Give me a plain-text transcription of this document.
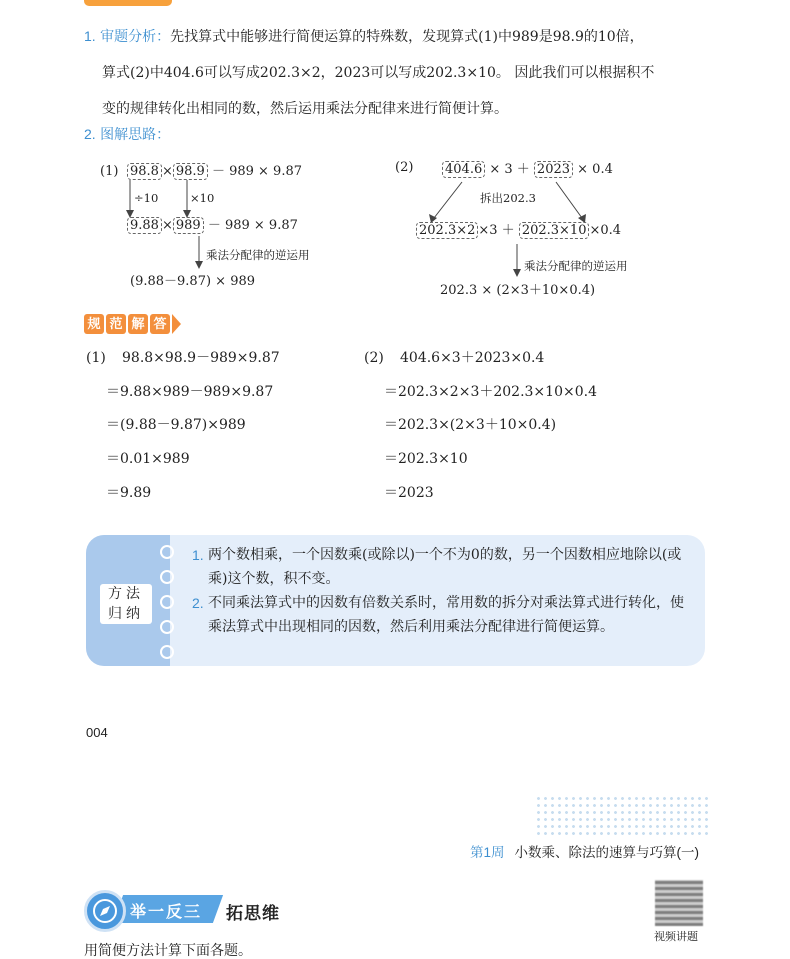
1. 审题分析：先找算式中能够进行简便运算的特殊数，发现算式(1)中989是98.9的10倍，
算式(2)中404.6可以写成202.3×2，2023可以写成202.3×10。 因此我们可以根据积不
变的规律转化出相同的数，然后运用乘法分配律来进行简便计算。
2. 图解思路：
(1) 98.8 × 98.9 － 989 × 9.87
÷10	×10
9.88 × 989 － 989 × 9.87
乘法分配律的逆运用
(9.88－9.87) × 989
(2) 404.6 × 3 ＋ 2023 × 0.4
拆出202.3
202.3×2 ×3 ＋ 202.3×10 ×0.4
乘法分配律的逆运用
202.3 × (2×3＋10×0.4)
规 范 解 答
(1)	98.8×98.9－989×9.87
＝9.88×989－989×9.87
＝(9.88－9.87)×989
＝0.01×989
＝9.89
(2)	404.6×3＋2023×0.4
＝202.3×2×3＋202.3×10×0.4
＝202.3×(2×3＋10×0.4)
＝202.3×10
＝2023
方法
归纳
1. 两个数相乘，一个因数乘(或除以)一个不为0的数，另一个因数相应地除以(或乘)这个数，积不变。
2. 不同乘法算式中的因数有倍数关系时，常用数的拆分对乘法算式进行转化，使乘法算式中出现相同的因数，然后利用乘法分配律进行简便运算。
004
第1周 小数乘、除法的速算与巧算(一)
举一反三 拓思维
视频讲题
用简便方法计算下面各题。
